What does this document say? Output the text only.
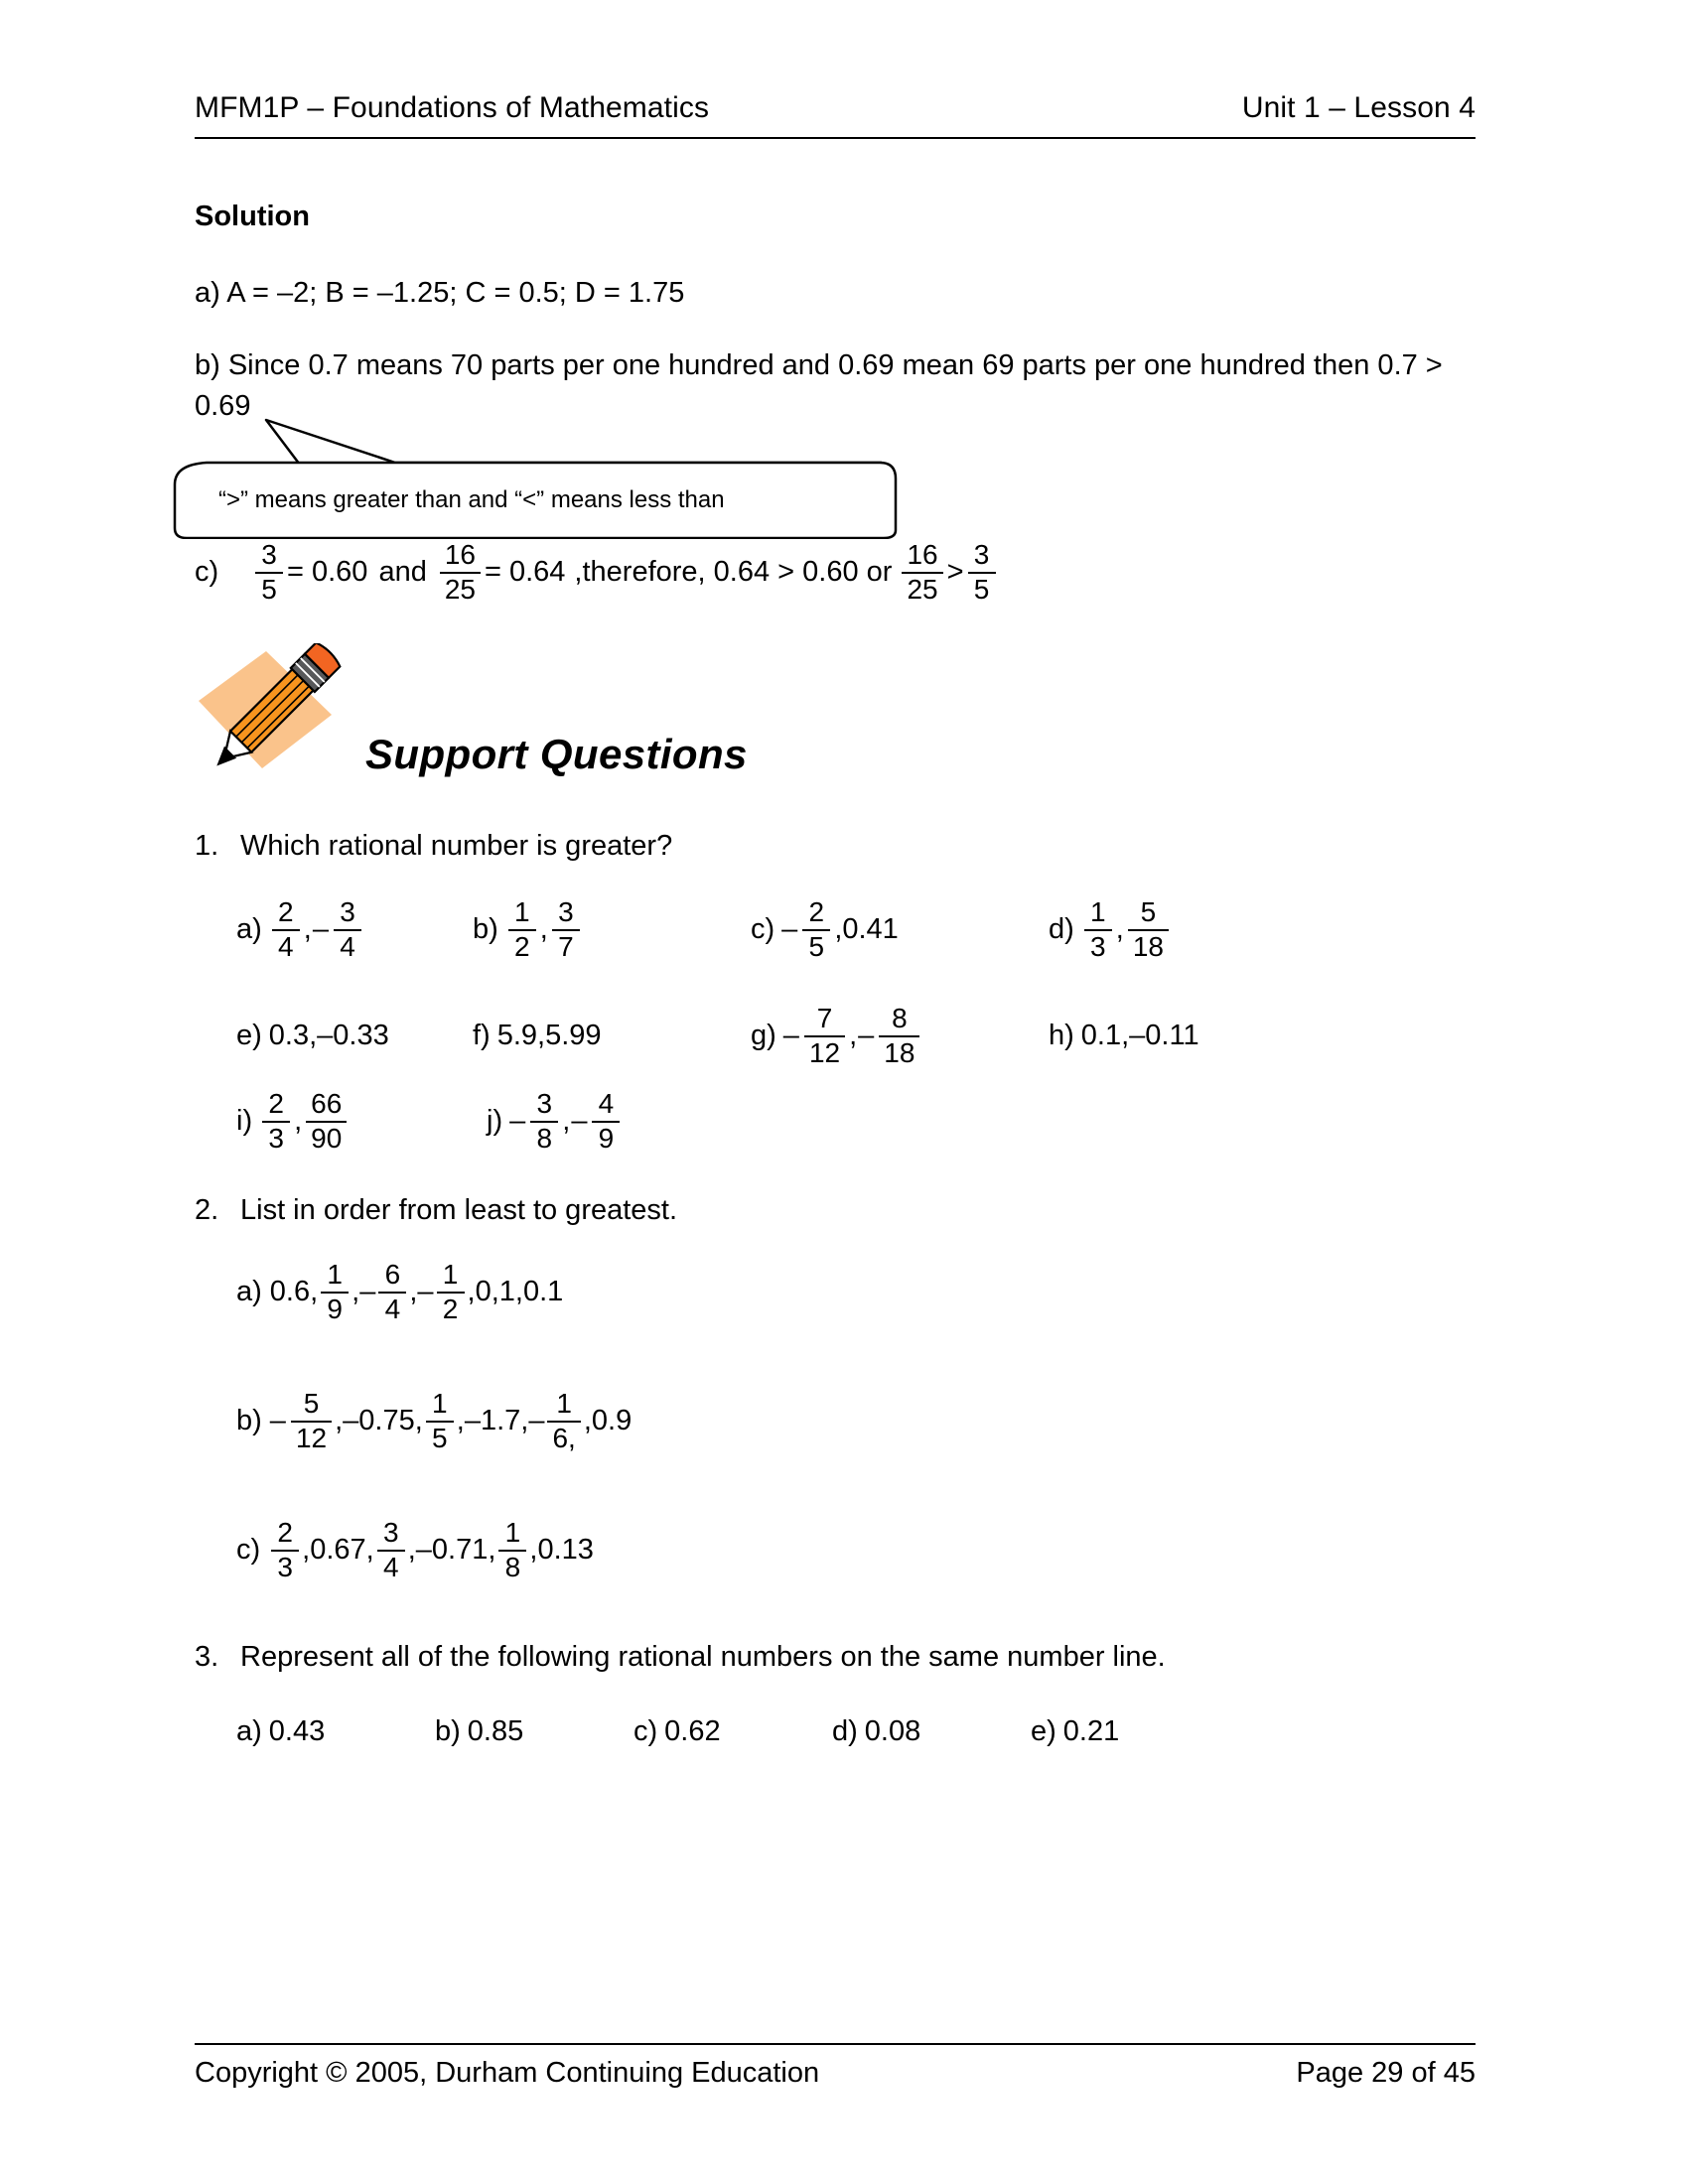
MFM1P – Foundations of Mathematics	Unit 1 – Lesson 4
Solution
a) A = –2; B = –1.25; C = 0.5; D = 1.75
b) Since 0.7 means 70 parts per one hundred and 0.69 mean 69 parts per one hundred then 0.7 > 0.69
“>” means greater than and “<” means less than
c)	$\frac{3}{5} = 0.60$ and $\frac{16}{25} = 0.64$ ,therefore, 0.64 > 0.60 or $\frac{16}{25} > \frac{3}{5}$
Support Questions
1. Which rational number is greater?
$a) \frac{2}{4}$ , – $\frac{3}{4}$	$b) \frac{1}{2}$ , $\frac{3}{7}$	$c) - \frac{2}{5} ,0.41$	$d) \frac{1}{3}$ , $\frac{5}{18}$
e) 0.3,–0.33	f) 5.9,5.99	$g) - \frac{7}{12}$ , – $\frac{8}{18}$	h) 0.1,–0.11
$i) \frac{2}{3}$ , $\frac{66}{90}$	$j) - \frac{3}{8}$ , – $\frac{4}{9}$
2. List in order from least to greatest.
a) 0.6, $\frac{1}{9}$ ,– $\frac{6}{4}$ ,– $\frac{1}{2} ,0,1,0.1$
$b) - \frac{5}{12} ,-0.75$, $\frac{1}{5} ,-1.7,- \frac{1}{6,} ,0.9$
$c) \frac{2}{3} ,0.67$, $\frac{3}{4} ,-0.71$, $\frac{1}{8} ,0.13$
3. Represent all of the following rational numbers on the same number line.
a) 0.43	b) 0.85	c) 0.62	d) 0.08	e) 0.21
Copyright © 2005, Durham Continuing Education	Page 29 of 45
